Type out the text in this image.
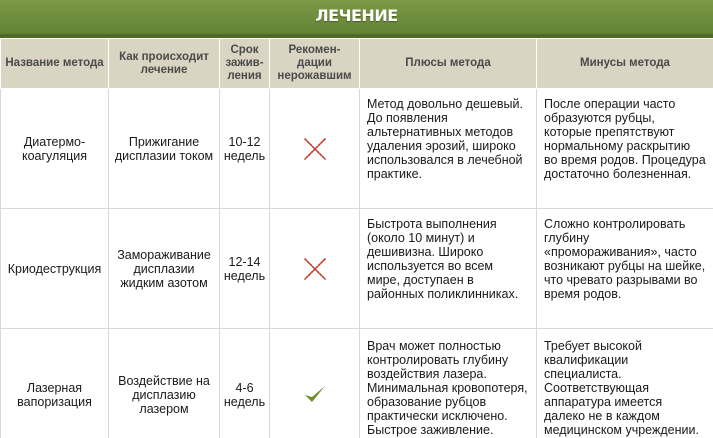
ЛЕЧЕНИЕ
Название метода	Как происходит лечение	Срок зажив-ления	Рекомен-дации нерожавшим	Плюсы метода	Минусы метода
Диатермо-коагуляция	Прижигание дисплазии током	10-12 недель		Метод довольно дешевый. До появления альтернативных методов удаления эрозий, широко использовался в лечебной практике.	После операции часто образуются рубцы, которые препятствуют нормальному раскрытию во время родов. Процедура достаточно болезненная.
Криодеструкция	Замораживание дисплазии жидким азотом	12-14 недель		Быстрота выполнения (около 10 минут) и дешивизна. Широко используется во всем мире, доступаен в районных поликлинниках.	Сложно контролировать глубину «промораживания», часто возникают рубцы на шейке, что чревато разрывами во время родов.
Лазерная вапоризация	Воздействие на дисплазию лазером	4-6 недель		Врач может полностью контролировать глубину воздействия лазера. Минимальная кровопотеря, образование рубцов практически исключено. Быстрое заживление.	Требует высокой квалификации специалиста. Соответствующая аппаратура имеется далеко не в каждом медицинском учреждении.
